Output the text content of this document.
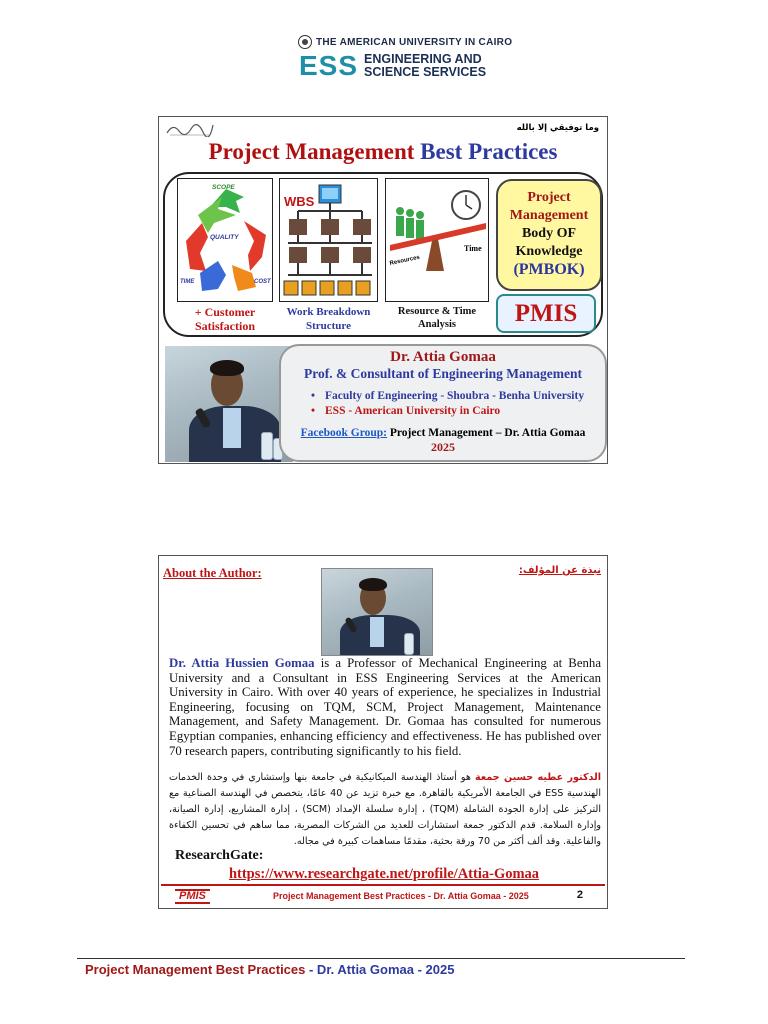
THE AMERICAN UNIVERSITY IN CAIRO
ESS ENGINEERING AND
SCIENCE SERVICES
وما توفيقي إلا بالله
Project Management Best Practices
SCOPE
QUALITY
TIME	COST
+ Customer Satisfaction
WBS
Work Breakdown Structure
Resources
Time
Resource & Time Analysis
Project
Management
Body OF
Knowledge
(PMBOK)
PMIS
Dr. Attia Gomaa
Prof. & Consultant of Engineering Management
• Faculty of Engineering - Shoubra - Benha University
• ESS - American University in Cairo
Facebook Group: Project Management – Dr. Attia Gomaa
2025
About the Author:	نبذة عن المؤلف:
Dr. Attia Hussien Gomaa is a Professor of Mechanical Engineering at Benha University and a Consultant in ESS Engineering Services at the American University in Cairo. With over 40 years of experience, he specializes in Industrial Engineering, focusing on TQM, SCM, Project Management, Maintenance Management, and Safety Management. Dr. Gomaa has consulted for numerous Egyptian companies, enhancing efficiency and effectiveness. He has published over 70 research papers, contributing significantly to his field.
الدكتور عطيه حسين جمعة هو أستاذ الهندسة الميكانيكية في جامعة بنها وإستشاري في وحدة الخدمات الهندسية ESS في الجامعة الأمريكية بالقاهرة. مع خبرة تزيد عن 40 عامًا، يتخصص في الهندسة الصناعية مع التركيز على إدارة الجودة الشاملة (TQM) ، إدارة سلسلة الإمداد (SCM) ، إدارة المشاريع، إدارة الصيانة، وإدارة السلامة. قدم الدكتور جمعة استشارات للعديد من الشركات المصرية، مما ساهم في تحسين الكفاءة والفاعلية. وقد ألف أكثر من 70 ورقة بحثية، مقدمًا مساهمات كبيرة في مجاله.
ResearchGate:
https://www.researchgate.net/profile/Attia-Gomaa
PMIS	Project Management Best Practices - Dr. Attia Gomaa - 2025	2
Project Management Best Practices - Dr. Attia Gomaa - 2025
